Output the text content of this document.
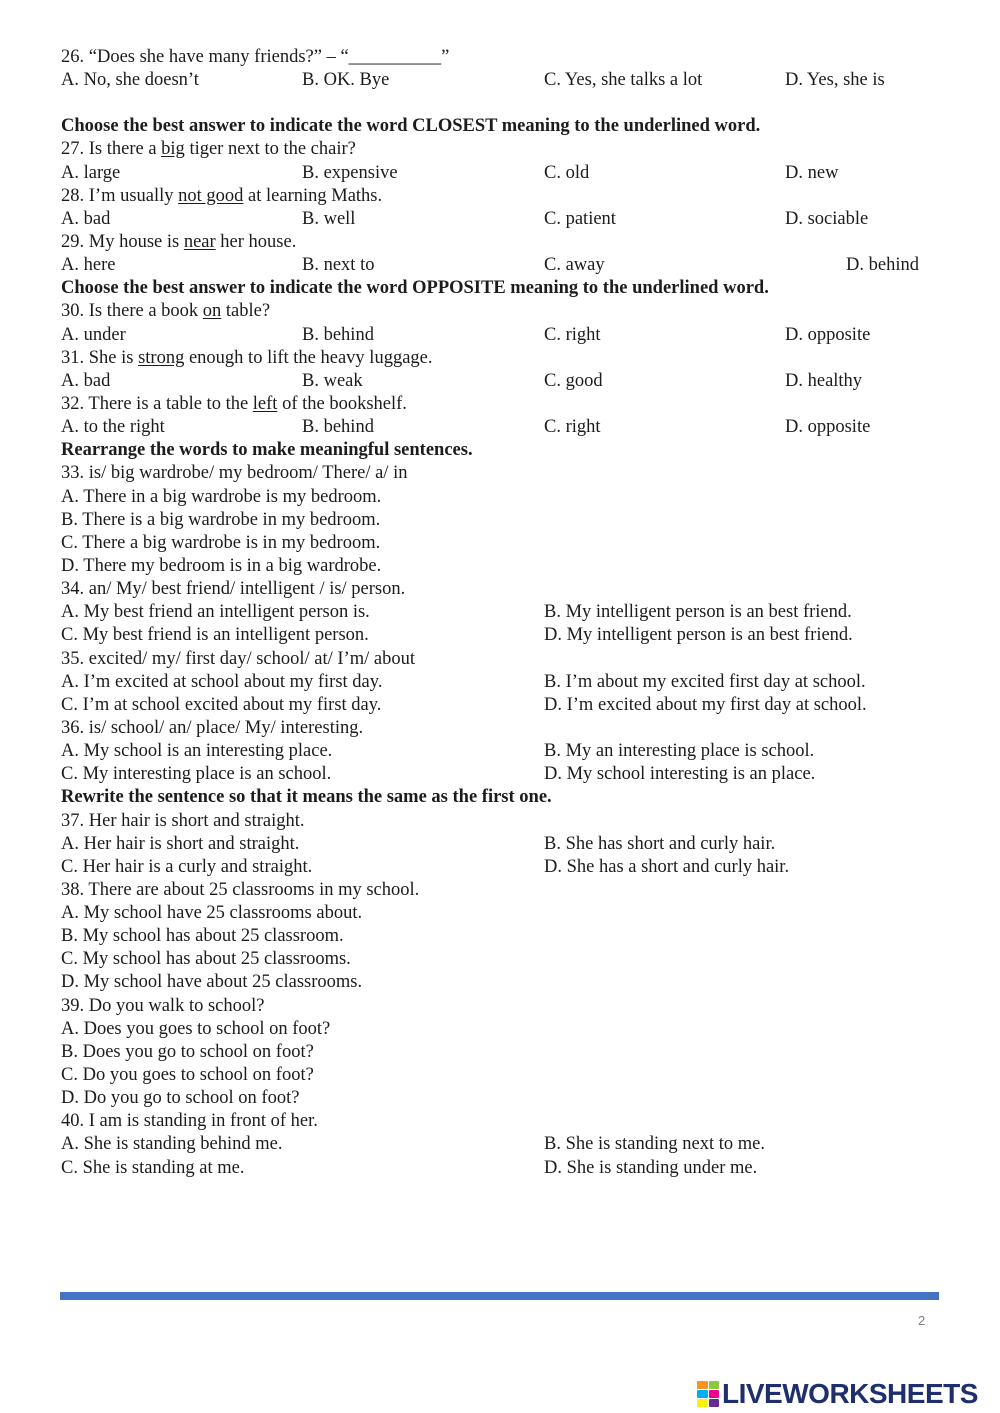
26. “Does she have many friends?” – “__________”
A. No, she doesn’t	B. OK. Bye	C. Yes, she talks a lot	D. Yes, she is
Choose the best answer to indicate the word CLOSEST meaning to the underlined word.
27. Is there a big tiger next to the chair?
A. large	B. expensive	C. old	D. new
28. I’m usually not good at learning Maths.
A. bad	B. well	C. patient	D. sociable
29. My house is near her house.
A. here	B. next to	C. away	D. behind
Choose the best answer to indicate the word OPPOSITE meaning to the underlined word.
30. Is there a book on table?
A. under	B. behind	C. right	D. opposite
31. She is strong enough to lift the heavy luggage.
A. bad	B. weak	C. good	D. healthy
32. There is a table to the left of the bookshelf.
A. to the right	B. behind	C. right	D. opposite
Rearrange the words to make meaningful sentences.
33. is/ big wardrobe/ my bedroom/ There/ a/ in
A. There in a big wardrobe is my bedroom.
B. There is a big wardrobe in my bedroom.
C. There a big wardrobe is in my bedroom.
D. There my bedroom is in a big wardrobe.
34. an/ My/ best friend/ intelligent / is/ person.
A. My best friend an intelligent person is.	B. My intelligent person is an best friend.
C. My best friend is an intelligent person.	D. My intelligent person is an best friend.
35. excited/ my/ first day/ school/ at/ I’m/ about
A. I’m excited at school about my first day.	B. I’m about my excited first day at school.
C. I’m at school excited about my first day.	D. I’m excited about my first day at school.
36. is/ school/ an/ place/ My/ interesting.
A. My school is an interesting place.	B. My an interesting place is school.
C. My interesting place is an school.	D. My school interesting is an place.
Rewrite the sentence so that it means the same as the first one.
37. Her hair is short and straight.
A. Her hair is short and straight.	B. She has short and curly hair.
C. Her hair is a curly and straight.	D. She has a short and curly hair.
38. There are about 25 classrooms in my school.
A. My school have 25 classrooms about.
B. My school has about 25 classroom.
C. My school has about 25 classrooms.
D. My school have about 25 classrooms.
39. Do you walk to school?
A. Does you goes to school on foot?
B. Does you go to school on foot?
C. Do you goes to school on foot?
D. Do you go to school on foot?
40. I am is standing in front of her.
A. She is standing behind me.	B. She is standing next to me.
C. She is standing at me.	D. She is standing under me.
2
LIVEWORKSHEETS
